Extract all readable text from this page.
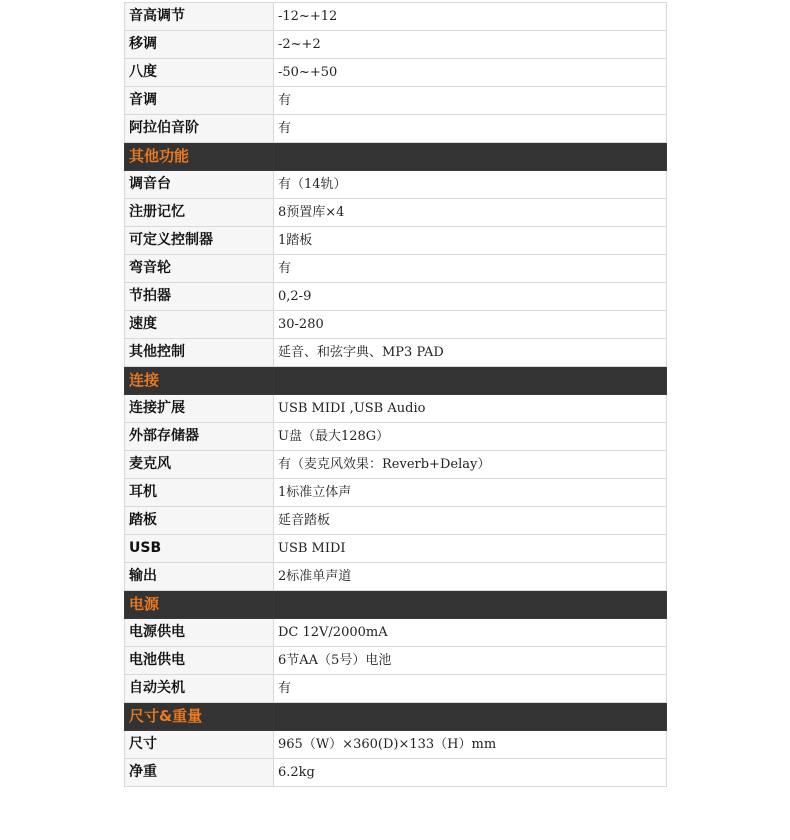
音高调节	-12~+12
移调	-2~+2
八度	-50~+50
音调	有
阿拉伯音阶	有
其他功能	
调音台	有（14轨）
注册记忆	8预置库×4
可定义控制器	1踏板
弯音轮	有
节拍器	0,2-9
速度	30-280
其他控制	延音、和弦字典、MP3 PAD
连接	
连接扩展	USB MIDI ,USB Audio
外部存储器	U盘（最大128G）
麦克风	有（麦克风效果：Reverb+Delay）
耳机	1标准立体声
踏板	延音踏板
USB	USB MIDI
输出	2标准单声道
电源	
电源供电	DC 12V/2000mA
电池供电	6节AA（5号）电池
自动关机	有
尺寸&重量	
尺寸	965（W）×360(D)×133（H）mm
净重	6.2kg
